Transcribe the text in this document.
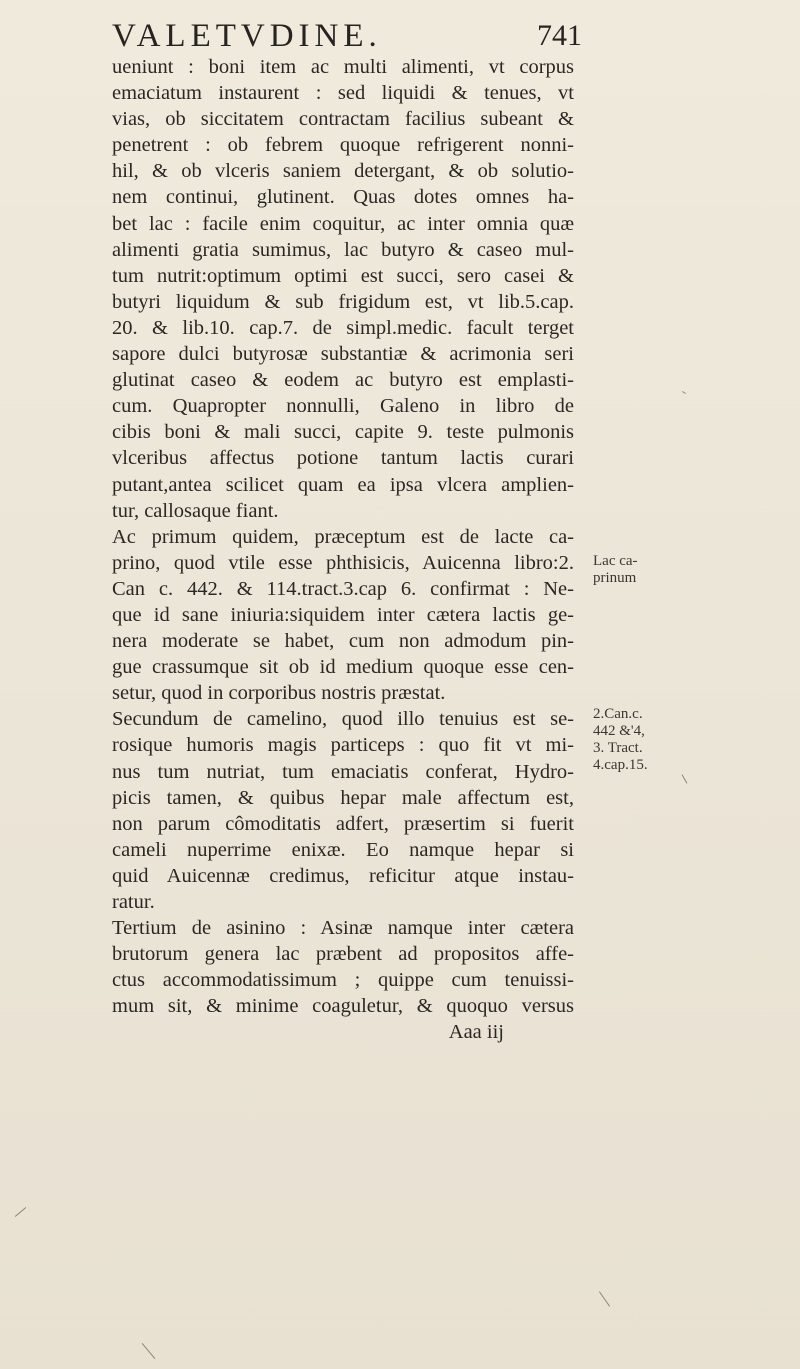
VALETVDINE.	741
ueniunt : boni item ac multi alimenti, vt corpus
emaciatum instaurent : sed liquidi & tenues, vt
vias, ob siccitatem contractam facilius subeant &
penetrent : ob febrem quoque refrigerent nonni-
hil, & ob vlceris saniem detergant, & ob solutio-
nem continui, glutinent. Quas dotes omnes ha-
bet lac : facile enim coquitur, ac inter omnia quæ
alimenti gratia sumimus, lac butyro & caseo mul-
tum nutrit:optimum optimi est succi, sero casei &
butyri liquidum & sub frigidum est, vt lib.5.cap.
20. & lib.10. cap.7. de simpl.medic. facult terget
sapore dulci butyrosæ substantiæ & acrimonia seri
glutinat caseo & eodem ac butyro est emplasti-
cum. Quapropter nonnulli, Galeno in libro de
cibis boni & mali succi, capite 9. teste pulmonis
vlceribus affectus potione tantum lactis curari
putant,antea scilicet quam ea ipsa vlcera amplien-
tur, callosaque fiant.
Ac primum quidem, præceptum est de lacte ca-
prino, quod vtile esse phthisicis, Auicenna libro:2.
Can c. 442. & 114.tract.3.cap 6. confirmat : Ne-
que id sane iniuria:siquidem inter cætera lactis ge-
nera moderate se habet, cum non admodum pin-
gue crassumque sit ob id medium quoque esse cen-
setur, quod in corporibus nostris præstat.
Secundum de camelino, quod illo tenuius est se-
rosique humoris magis particeps : quo fit vt mi-
nus tum nutriat, tum emaciatis conferat, Hydro-
picis tamen, & quibus hepar male affectum est,
non parum cômoditatis adfert, præsertim si fuerit
cameli nuperrime enixæ. Eo namque hepar si
quid Auicennæ credimus, reficitur atque instau-
ratur.
Tertium de asinino : Asinæ namque inter cætera
brutorum genera lac præbent ad propositos affe-
ctus accommodatissimum ; quippe cum tenuissi-
mum sit, & minime coaguletur, & quoquo versus
Aaa iij
Lac ca-
prinum
2.Can.c.
442 &'4,
3. Tract.
4.cap.15.
